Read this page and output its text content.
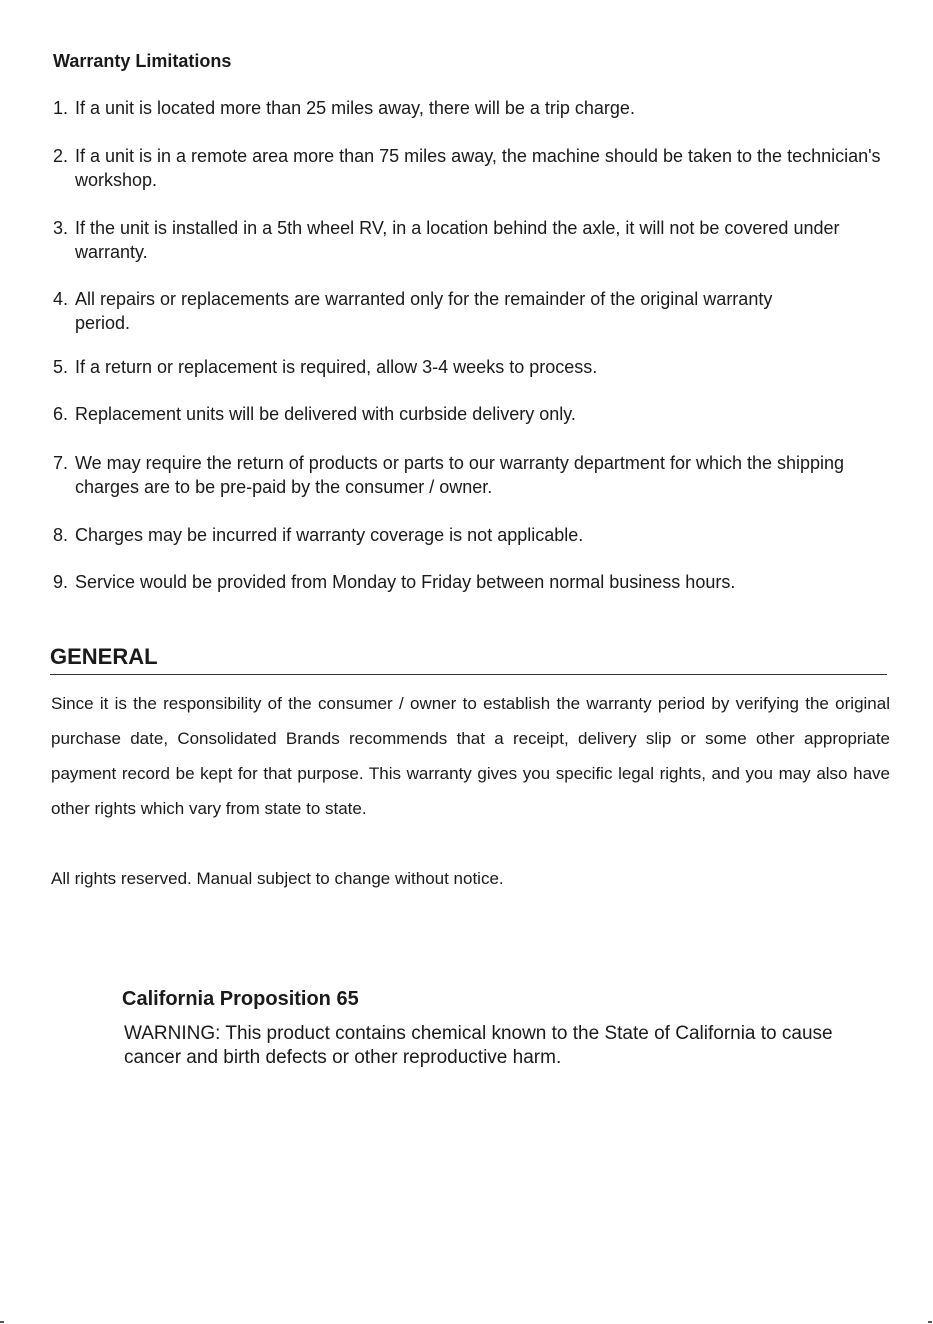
Warranty Limitations
1. If a unit is located more than 25 miles away, there will be a trip charge.
2. If a unit is in a remote area more than 75 miles away, the machine should be taken to the technician's workshop.
3. If the unit is installed in a 5th wheel RV, in a location behind the axle, it will not be covered under warranty.
4. All repairs or replacements are warranted only for the remainder of the original warranty period.
5. If a return or replacement is required, allow 3-4 weeks to process.
6. Replacement units will be delivered with curbside delivery only.
7. We may require the return of products or parts to our warranty department for which the shipping charges are to be pre-paid by the consumer / owner.
8. Charges may be incurred if warranty coverage is not applicable.
9. Service would be provided from Monday to Friday between normal business hours.
GENERAL

Since it is the responsibility of the consumer / owner to establish the warranty period by verifying the original purchase date, Consolidated Brands recommends that a receipt, delivery slip or some other appropriate payment record be kept for that purpose. This warranty gives you specific legal rights, and you may also have other rights which vary from state to state.

All rights reserved. Manual subject to change without notice.

California Proposition 65

WARNING: This product contains chemical known to the State of California to cause cancer and birth defects or other reproductive harm.
